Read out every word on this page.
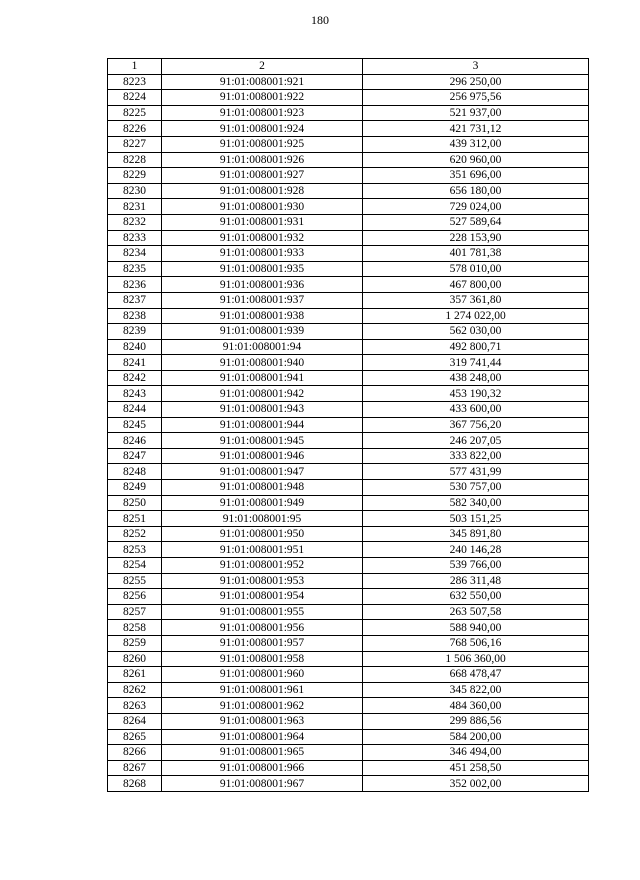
180
1	2	3
8223	91:01:008001:921	296 250,00
8224	91:01:008001:922	256 975,56
8225	91:01:008001:923	521 937,00
8226	91:01:008001:924	421 731,12
8227	91:01:008001:925	439 312,00
8228	91:01:008001:926	620 960,00
8229	91:01:008001:927	351 696,00
8230	91:01:008001:928	656 180,00
8231	91:01:008001:930	729 024,00
8232	91:01:008001:931	527 589,64
8233	91:01:008001:932	228 153,90
8234	91:01:008001:933	401 781,38
8235	91:01:008001:935	578 010,00
8236	91:01:008001:936	467 800,00
8237	91:01:008001:937	357 361,80
8238	91:01:008001:938	1 274 022,00
8239	91:01:008001:939	562 030,00
8240	91:01:008001:94	492 800,71
8241	91:01:008001:940	319 741,44
8242	91:01:008001:941	438 248,00
8243	91:01:008001:942	453 190,32
8244	91:01:008001:943	433 600,00
8245	91:01:008001:944	367 756,20
8246	91:01:008001:945	246 207,05
8247	91:01:008001:946	333 822,00
8248	91:01:008001:947	577 431,99
8249	91:01:008001:948	530 757,00
8250	91:01:008001:949	582 340,00
8251	91:01:008001:95	503 151,25
8252	91:01:008001:950	345 891,80
8253	91:01:008001:951	240 146,28
8254	91:01:008001:952	539 766,00
8255	91:01:008001:953	286 311,48
8256	91:01:008001:954	632 550,00
8257	91:01:008001:955	263 507,58
8258	91:01:008001:956	588 940,00
8259	91:01:008001:957	768 506,16
8260	91:01:008001:958	1 506 360,00
8261	91:01:008001:960	668 478,47
8262	91:01:008001:961	345 822,00
8263	91:01:008001:962	484 360,00
8264	91:01:008001:963	299 886,56
8265	91:01:008001:964	584 200,00
8266	91:01:008001:965	346 494,00
8267	91:01:008001:966	451 258,50
8268	91:01:008001:967	352 002,00
